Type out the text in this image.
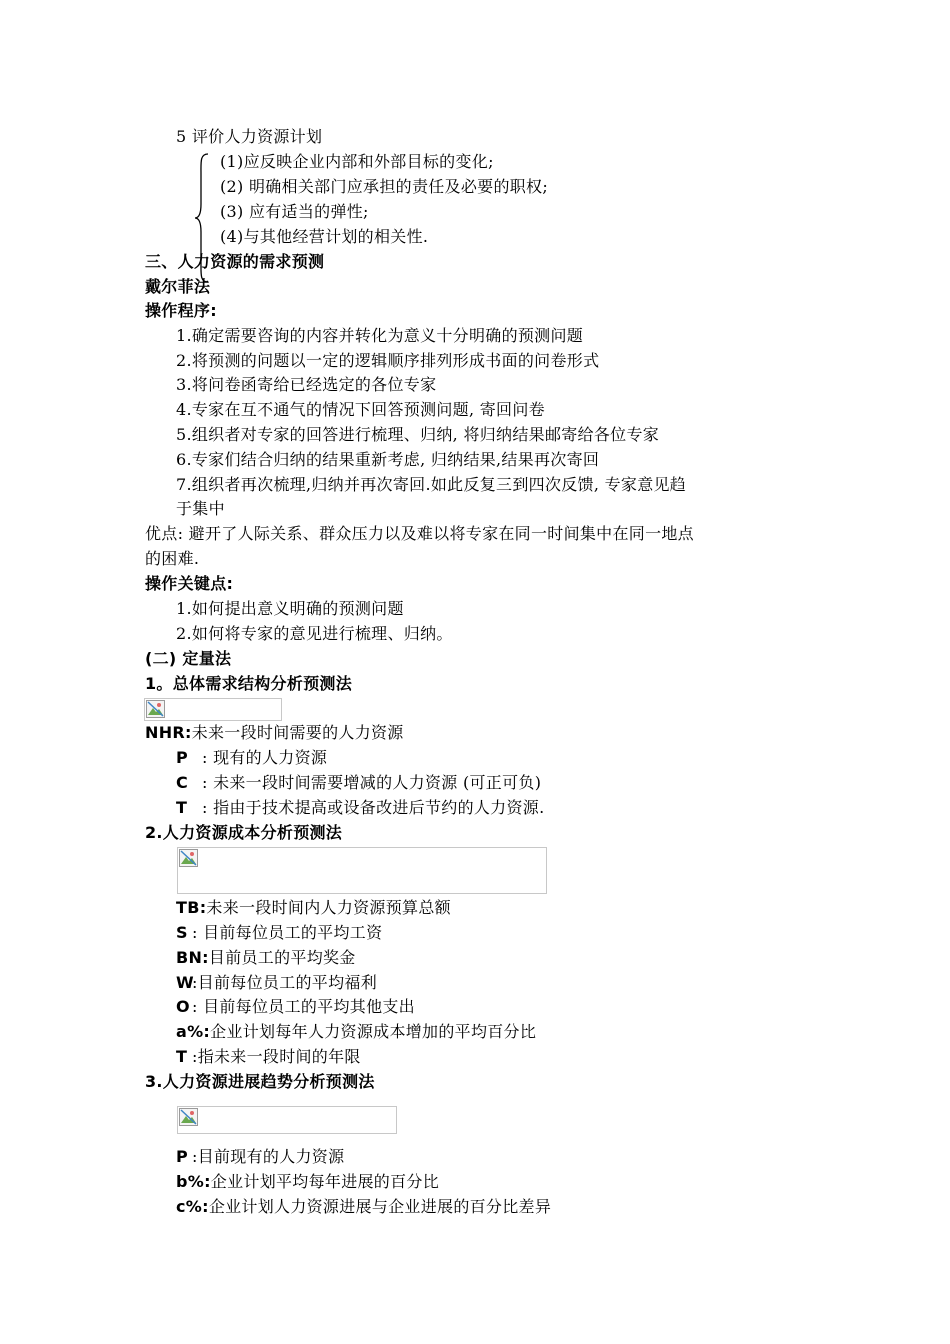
5 评价人力资源计划
(1)应反映企业内部和外部目标的变化;
(2) 明确相关部门应承担的责任及必要的职权;
(3) 应有适当的弹性;
(4)与其他经营计划的相关性.
三、人力资源的需求预测
戴尔菲法
操作程序:
1.确定需要咨询的内容并转化为意义十分明确的预测问题
2.将预测的问题以一定的逻辑顺序排列形成书面的问卷形式
3.将问卷函寄给已经选定的各位专家
4.专家在互不通气的情况下回答预测问题, 寄回问卷
5.组织者对专家的回答进行梳理、归纳, 将归纳结果邮寄给各位专家
6.专家们结合归纳的结果重新考虑, 归纳结果,结果再次寄回
7.组织者再次梳理,归纳并再次寄回.如此反复三到四次反馈, 专家意见趋
于集中
优点: 避开了人际关系、群众压力以及难以将专家在同一时间集中在同一地点
的困难.
操作关键点:
1.如何提出意义明确的预测问题
2.如何将专家的意见进行梳理、归纳。
(二) 定量法
1。总体需求结构分析预测法
NHR:未来一段时间需要的人力资源
P : 现有的人力资源
C : 未来一段时间需要增减的人力资源 (可正可负)
T : 指由于技术提高或设备改进后节约的人力资源.
2.人力资源成本分析预测法
TB:未来一段时间内人力资源预算总额
S : 目前每位员工的平均工资
BN:目前员工的平均奖金
W:目前每位员工的平均福利
O : 目前每位员工的平均其他支出
a%:企业计划每年人力资源成本增加的平均百分比
T :指未来一段时间的年限
3.人力资源进展趋势分析预测法
P :目前现有的人力资源
b%:企业计划平均每年进展的百分比
c%:企业计划人力资源进展与企业进展的百分比差异
